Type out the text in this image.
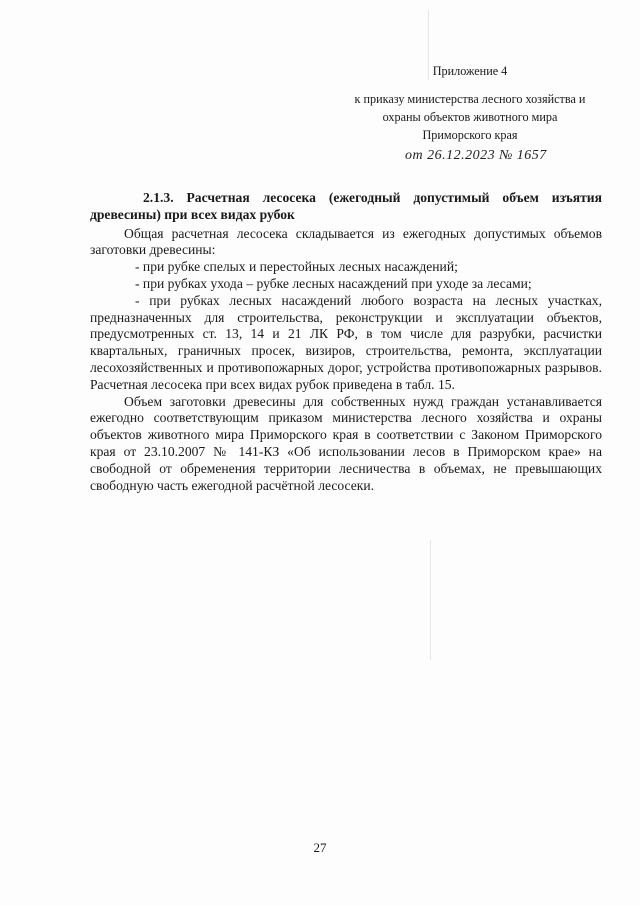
Приложение 4
к приказу министерства лесного хозяйства и
охраны объектов животного мира
Приморского края
от 26.12.2023 № 1657

2.1.3. Расчетная лесосека (ежегодный допустимый объем изъятия древесины) при всех видах рубок

Общая расчетная лесосека складывается из ежегодных допустимых объемов заготовки древесины:

- при рубке спелых и перестойных лесных насаждений;

- при рубках ухода – рубке лесных насаждений при уходе за лесами;

- при рубках лесных насаждений любого возраста на лесных участках, предназначенных для строительства, реконструкции и эксплуатации объектов, предусмотренных ст. 13, 14 и 21 ЛК РФ, в том числе для разрубки, расчистки квартальных, граничных просек, визиров, строительства, ремонта, эксплуатации лесохозяйственных и противопожарных дорог, устройства противопожарных разрывов. Расчетная лесосека при всех видах рубок приведена в табл. 15.

Объем заготовки древесины для собственных нужд граждан устанавливается ежегодно соответствующим приказом министерства лесного хозяйства и охраны объектов животного мира Приморского края в соответствии с Законом Приморского края от 23.10.2007 № 141-КЗ «Об использовании лесов в Приморском крае» на свободной от обременения территории лесничества в объемах, не превышающих свободную часть ежегодной расчётной лесосеки.

27
